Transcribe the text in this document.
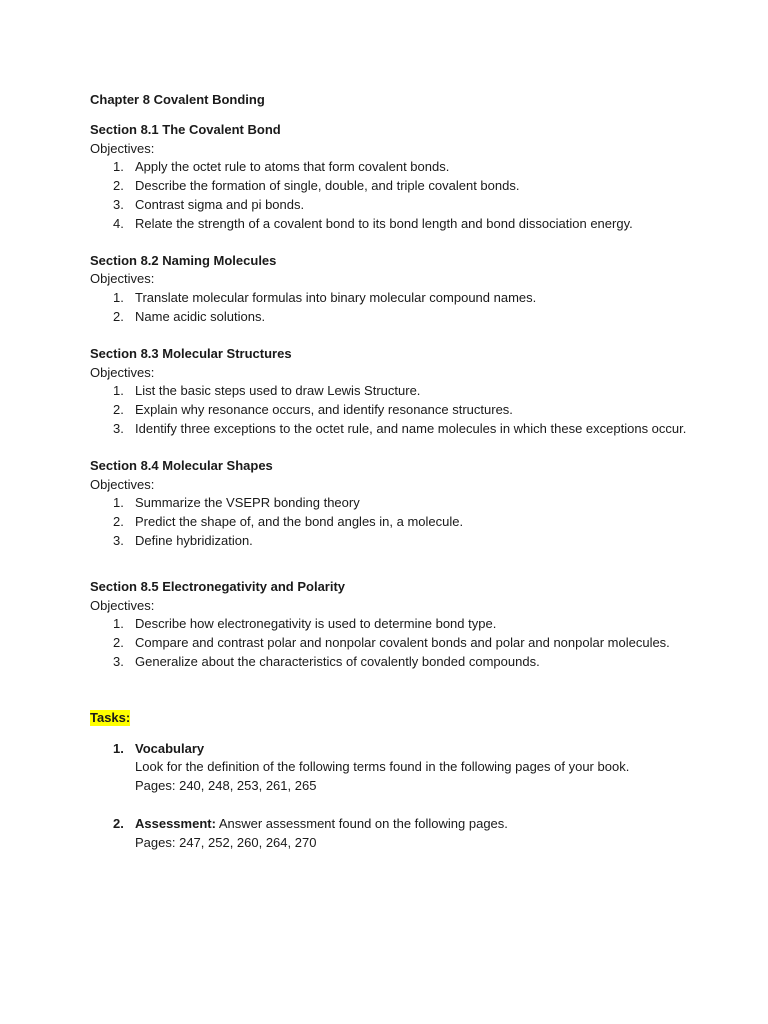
Chapter 8 Covalent Bonding
Section 8.1 The Covalent Bond
Objectives:
1. Apply the octet rule to atoms that form covalent bonds.
2. Describe the formation of single, double, and triple covalent bonds.
3. Contrast sigma and pi bonds.
4. Relate the strength of a covalent bond to its bond length and bond dissociation energy.
Section 8.2 Naming Molecules
Objectives:
1. Translate molecular formulas into binary molecular compound names.
2. Name acidic solutions.
Section 8.3 Molecular Structures
Objectives:
1. List the basic steps used to draw Lewis Structure.
2. Explain why resonance occurs, and identify resonance structures.
3. Identify three exceptions to the octet rule, and name molecules in which these exceptions occur.
Section 8.4 Molecular Shapes
Objectives:
1. Summarize the VSEPR bonding theory
2. Predict the shape of, and the bond angles in, a molecule.
3. Define hybridization.
Section 8.5 Electronegativity and Polarity
Objectives:
1. Describe how electronegativity is used to determine bond type.
2. Compare and contrast polar and nonpolar covalent bonds and polar and nonpolar molecules.
3. Generalize about the characteristics of covalently bonded compounds.
Tasks:
1. Vocabulary
Look for the definition of the following terms found in the following pages of your book.
Pages: 240, 248, 253, 261, 265
2. Assessment: Answer assessment found on the following pages.
Pages: 247, 252, 260, 264, 270
